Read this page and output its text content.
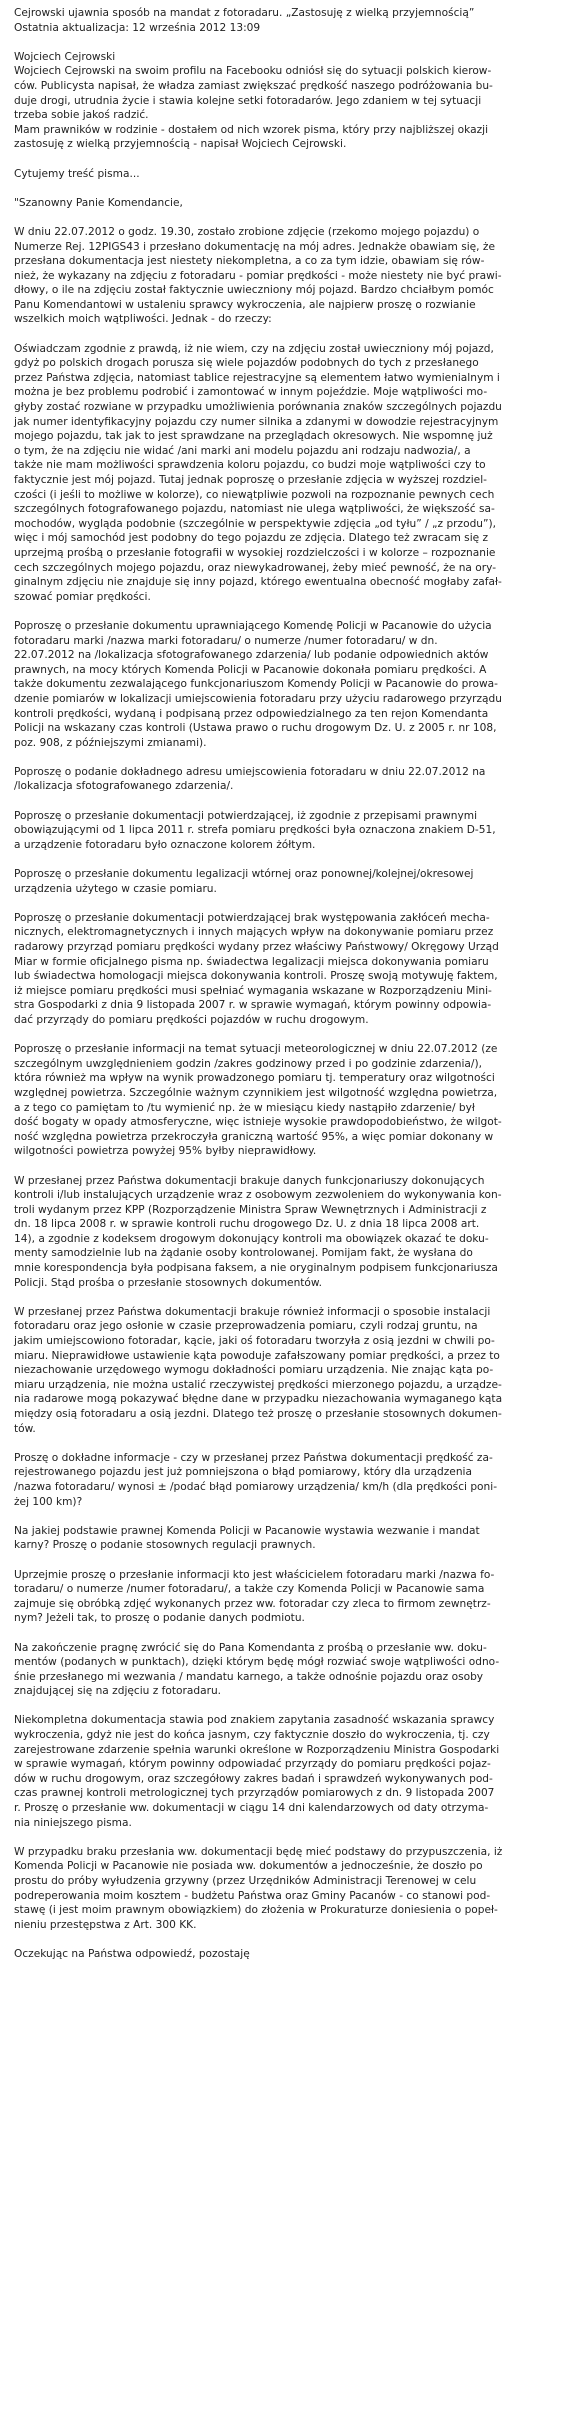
Cejrowski ujawnia sposób na mandat z fotoradaru. „Zastosuję z wielką przyjemnością”
Ostatnia aktualizacja: 12 września 2012 13:09
Wojciech Cejrowski
Wojciech Cejrowski na swoim profilu na Facebooku odniósł się do sytuacji polskich kierow-
ców. Publicysta napisał, że władza zamiast zwiększać prędkość naszego podróżowania bu-
duje drogi, utrudnia życie i stawia kolejne setki fotoradarów. Jego zdaniem w tej sytuacji
trzeba sobie jakoś radzić.
Mam prawników w rodzinie - dostałem od nich wzorek pisma, który przy najbliższej okazji
zastosuję z wielką przyjemnością - napisał Wojciech Cejrowski.
Cytujemy treść pisma...
"Szanowny Panie Komendancie,
W dniu 22.07.2012 o godz. 19.30, zostało zrobione zdjęcie (rzekomo mojego pojazdu) o
Numerze Rej. 12PIGS43 i przesłano dokumentację na mój adres. Jednakże obawiam się, że
przesłana dokumentacja jest niestety niekompletna, a co za tym idzie, obawiam się rów-
nież, że wykazany na zdjęciu z fotoradaru - pomiar prędkości - może niestety nie być prawi-
dłowy, o ile na zdjęciu został faktycznie uwieczniony mój pojazd. Bardzo chciałbym pomóc
Panu Komendantowi w ustaleniu sprawcy wykroczenia, ale najpierw proszę o rozwianie
wszelkich moich wątpliwości. Jednak - do rzeczy:
Oświadczam zgodnie z prawdą, iż nie wiem, czy na zdjęciu został uwieczniony mój pojazd,
gdyż po polskich drogach porusza się wiele pojazdów podobnych do tych z przesłanego
przez Państwa zdjęcia, natomiast tablice rejestracyjne są elementem łatwo wymienialnym i
można je bez problemu podrobić i zamontować w innym pojeździe. Moje wątpliwości mo-
głyby zostać rozwiane w przypadku umożliwienia porównania znaków szczególnych pojazdu
jak numer identyfikacyjny pojazdu czy numer silnika a zdanymi w dowodzie rejestracyjnym
mojego pojazdu, tak jak to jest sprawdzane na przeglądach okresowych. Nie wspomnę już
o tym, że na zdjęciu nie widać /ani marki ani modelu pojazdu ani rodzaju nadwozia/, a
także nie mam możliwości sprawdzenia koloru pojazdu, co budzi moje wątpliwości czy to
faktycznie jest mój pojazd. Tutaj jednak poproszę o przesłanie zdjęcia w wyższej rozdziel-
czości (i jeśli to możliwe w kolorze), co niewątpliwie pozwoli na rozpoznanie pewnych cech
szczególnych fotografowanego pojazdu, natomiast nie ulega wątpliwości, że większość sa-
mochodów, wygląda podobnie (szczególnie w perspektywie zdjęcia „od tyłu” / „z przodu”),
więc i mój samochód jest podobny do tego pojazdu ze zdjęcia. Dlatego też zwracam się z
uprzejmą prośbą o przesłanie fotografii w wysokiej rozdzielczości i w kolorze – rozpoznanie
cech szczególnych mojego pojazdu, oraz niewykadrowanej, żeby mieć pewność, że na ory-
ginalnym zdjęciu nie znajduje się inny pojazd, którego ewentualna obecność mogłaby zafał-
szować pomiar prędkości.
Poproszę o przesłanie dokumentu uprawniającego Komendę Policji w Pacanowie do użycia
fotoradaru marki /nazwa marki fotoradaru/ o numerze /numer fotoradaru/ w dn.
22.07.2012 na /lokalizacja sfotografowanego zdarzenia/ lub podanie odpowiednich aktów
prawnych, na mocy których Komenda Policji w Pacanowie dokonała pomiaru prędkości. A
także dokumentu zezwalającego funkcjonariuszom Komendy Policji w Pacanowie do prowa-
dzenie pomiarów w lokalizacji umiejscowienia fotoradaru przy użyciu radarowego przyrządu
kontroli prędkości, wydaną i podpisaną przez odpowiedzialnego za ten rejon Komendanta
Policji na wskazany czas kontroli (Ustawa prawo o ruchu drogowym Dz. U. z 2005 r. nr 108,
poz. 908, z późniejszymi zmianami).
Poproszę o podanie dokładnego adresu umiejscowienia fotoradaru w dniu 22.07.2012 na
/lokalizacja sfotografowanego zdarzenia/.
Poproszę o przesłanie dokumentacji potwierdzającej, iż zgodnie z przepisami prawnymi
obowiązującymi od 1 lipca 2011 r. strefa pomiaru prędkości była oznaczona znakiem D-51,
a urządzenie fotoradaru było oznaczone kolorem żółtym.
Poproszę o przesłanie dokumentu legalizacji wtórnej oraz ponownej/kolejnej/okresowej
urządzenia użytego w czasie pomiaru.
Poproszę o przesłanie dokumentacji potwierdzającej brak występowania zakłóceń mecha-
nicznych, elektromagnetycznych i innych mających wpływ na dokonywanie pomiaru przez
radarowy przyrząd pomiaru prędkości wydany przez właściwy Państwowy/ Okręgowy Urząd
Miar w formie oficjalnego pisma np. świadectwa legalizacji miejsca dokonywania pomiaru
lub świadectwa homologacji miejsca dokonywania kontroli. Proszę swoją motywuję faktem,
iż miejsce pomiaru prędkości musi spełniać wymagania wskazane w Rozporządzeniu Mini-
stra Gospodarki z dnia 9 listopada 2007 r. w sprawie wymagań, którym powinny odpowia-
dać przyrządy do pomiaru prędkości pojazdów w ruchu drogowym.
Poproszę o przesłanie informacji na temat sytuacji meteorologicznej w dniu 22.07.2012 (ze
szczególnym uwzględnieniem godzin /zakres godzinowy przed i po godzinie zdarzenia/),
która również ma wpływ na wynik prowadzonego pomiaru tj. temperatury oraz wilgotności
względnej powietrza. Szczególnie ważnym czynnikiem jest wilgotność względna powietrza,
a z tego co pamiętam to /tu wymienić np. że w miesiącu kiedy nastąpiło zdarzenie/ był
dość bogaty w opady atmosferyczne, więc istnieje wysokie prawdopodobieństwo, że wilgot-
ność względna powietrza przekroczyła graniczną wartość 95%, a więc pomiar dokonany w
wilgotności powietrza powyżej 95% byłby nieprawidłowy.
W przesłanej przez Państwa dokumentacji brakuje danych funkcjonariuszy dokonujących
kontroli i/lub instalujących urządzenie wraz z osobowym zezwoleniem do wykonywania kon-
troli wydanym przez KPP (Rozporządzenie Ministra Spraw Wewnętrznych i Administracji z
dn. 18 lipca 2008 r. w sprawie kontroli ruchu drogowego Dz. U. z dnia 18 lipca 2008 art.
14), a zgodnie z kodeksem drogowym dokonujący kontroli ma obowiązek okazać te doku-
menty samodzielnie lub na żądanie osoby kontrolowanej. Pomijam fakt, że wysłana do
mnie korespondencja była podpisana faksem, a nie oryginalnym podpisem funkcjonariusza
Policji. Stąd prośba o przesłanie stosownych dokumentów.
W przesłanej przez Państwa dokumentacji brakuje również informacji o sposobie instalacji
fotoradaru oraz jego osłonie w czasie przeprowadzenia pomiaru, czyli rodzaj gruntu, na
jakim umiejscowiono fotoradar, kącie, jaki oś fotoradaru tworzyła z osią jezdni w chwili po-
miaru. Nieprawidłowe ustawienie kąta powoduje zafałszowany pomiar prędkości, a przez to
niezachowanie urzędowego wymogu dokładności pomiaru urządzenia. Nie znając kąta po-
miaru urządzenia, nie można ustalić rzeczywistej prędkości mierzonego pojazdu, a urządze-
nia radarowe mogą pokazywać błędne dane w przypadku niezachowania wymaganego kąta
między osią fotoradaru a osią jezdni. Dlatego też proszę o przesłanie stosownych dokumen-
tów.
Proszę o dokładne informacje - czy w przesłanej przez Państwa dokumentacji prędkość za-
rejestrowanego pojazdu jest już pomniejszona o błąd pomiarowy, który dla urządzenia
/nazwa fotoradaru/ wynosi ± /podać błąd pomiarowy urządzenia/ km/h (dla prędkości poni-
żej 100 km)?
Na jakiej podstawie prawnej Komenda Policji w Pacanowie wystawia wezwanie i mandat
karny? Proszę o podanie stosownych regulacji prawnych.
Uprzejmie proszę o przesłanie informacji kto jest właścicielem fotoradaru marki /nazwa fo-
toradaru/ o numerze /numer fotoradaru/, a także czy Komenda Policji w Pacanowie sama
zajmuje się obróbką zdjęć wykonanych przez ww. fotoradar czy zleca to firmom zewnętrz-
nym? Jeżeli tak, to proszę o podanie danych podmiotu.
Na zakończenie pragnę zwrócić się do Pana Komendanta z prośbą o przesłanie ww. doku-
mentów (podanych w punktach), dzięki którym będę mógł rozwiać swoje wątpliwości odno-
śnie przesłanego mi wezwania / mandatu karnego, a także odnośnie pojazdu oraz osoby
znajdującej się na zdjęciu z fotoradaru.
Niekompletna dokumentacja stawia pod znakiem zapytania zasadność wskazania sprawcy
wykroczenia, gdyż nie jest do końca jasnym, czy faktycznie doszło do wykroczenia, tj. czy
zarejestrowane zdarzenie spełnia warunki określone w Rozporządzeniu Ministra Gospodarki
w sprawie wymagań, którym powinny odpowiadać przyrządy do pomiaru prędkości pojaz-
dów w ruchu drogowym, oraz szczegółowy zakres badań i sprawdzeń wykonywanych pod-
czas prawnej kontroli metrologicznej tych przyrządów pomiarowych z dn. 9 listopada 2007
r. Proszę o przesłanie ww. dokumentacji w ciągu 14 dni kalendarzowych od daty otrzyma-
nia niniejszego pisma.
W przypadku braku przesłania ww. dokumentacji będę mieć podstawy do przypuszczenia, iż
Komenda Policji w Pacanowie nie posiada ww. dokumentów a jednocześnie, że doszło po
prostu do próby wyłudzenia grzywny (przez Urzędników Administracji Terenowej w celu
podreperowania moim kosztem - budżetu Państwa oraz Gminy Pacanów - co stanowi pod-
stawę (i jest moim prawnym obowiązkiem) do złożenia w Prokuraturze doniesienia o popeł-
nieniu przestępstwa z Art. 300 KK.
Oczekując na Państwa odpowiedź, pozostaję
